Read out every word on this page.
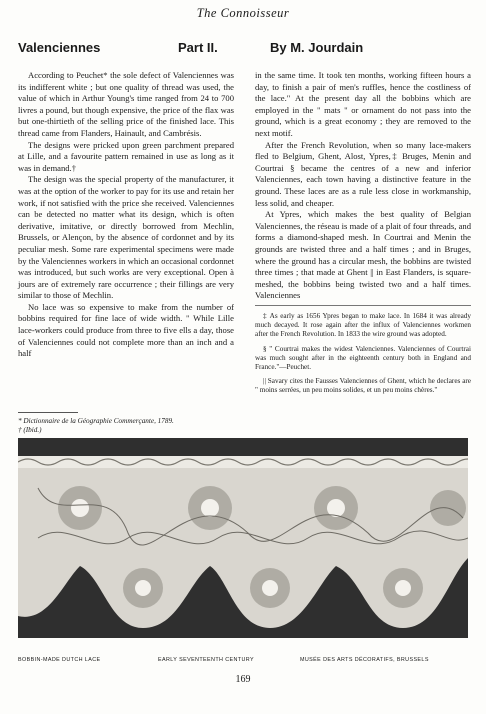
The Connoisseur
Valenciennes	Part II.	By M. Jourdain

According to Peuchet* the sole defect of Valenciennes was its indifferent white ; but one quality of thread was used, the value of which in Arthur Young's time ranged from 24 to 700 livres a pound, but though expensive, the price of the flax was but one-thirtieth of the selling price of the finished lace. This thread came from Flanders, Hainault, and Cambrésis.

The designs were pricked upon green parchment prepared at Lille, and a favourite pattern remained in use as long as it was in demand.†

The design was the special property of the manufacturer, it was at the option of the worker to pay for its use and retain her work, if not satisfied with the price she received. Valenciennes can be detected no matter what its design, which is often derivative, imitative, or directly borrowed from Mechlin, Brussels, or Alençon, by the absence of cordonnet and by its peculiar mesh. Some rare experimental specimens were made by the Valenciennes workers in which an occasional cordonnet was introduced, but such works are very exceptional. Open à jours are of extremely rare occurrence ; their fillings are very similar to those of Mechlin.

No lace was so expensive to make from the number of bobbins required for fine lace of wide width. " While Lille lace-workers could produce from three to five ells a day, those of Valenciennes could not complete more than an inch and a half

* Dictionnaire de la Géographie Commerçante, 1789.

† (Ibid.)

in the same time. It took ten months, working fifteen hours a day, to finish a pair of men's ruffles, hence the costliness of the lace." At the present day all the bobbins which are employed in the " mats " or ornament do not pass into the ground, which is a great economy ; they are removed to the next motif.

After the French Revolution, when so many lace-makers fled to Belgium, Ghent, Alost, Ypres,‡ Bruges, Menin and Courtrai § became the centres of a new and inferior Valenciennes, each town having a distinctive feature in the ground. These laces are as a rule less close in workmanship, less solid, and cheaper.

At Ypres, which makes the best quality of Belgian Valenciennes, the réseau is made of a plait of four threads, and forms a diamond-shaped mesh. In Courtrai and Menin the grounds are twisted three and a half times ; and in Bruges, where the ground has a circular mesh, the bobbins are twisted three times ; that made at Ghent || in East Flanders, is square-meshed, the bobbins being twisted two and a half times. Valenciennes

‡ As early as 1656 Ypres began to make lace. In 1684 it was already much decayed. It rose again after the influx of Valenciennes workmen after the French Revolution. In 1833 the wire ground was adopted.

§ " Courtrai makes the widest Valenciennes. Valenciennes of Courtrai was much sought after in the eighteenth century both in England and France."—Peuchet.

|| Savary cites the Fausses Valenciennes of Ghent, which he declares are " moins serrées, un peu moins solides, et un peu moins chères."

BOBBIN-MADE DUTCH LACE	EARLY SEVENTEENTH CENTURY	MUSÉE DES ARTS DÉCORATIFS, BRUSSELS
169
